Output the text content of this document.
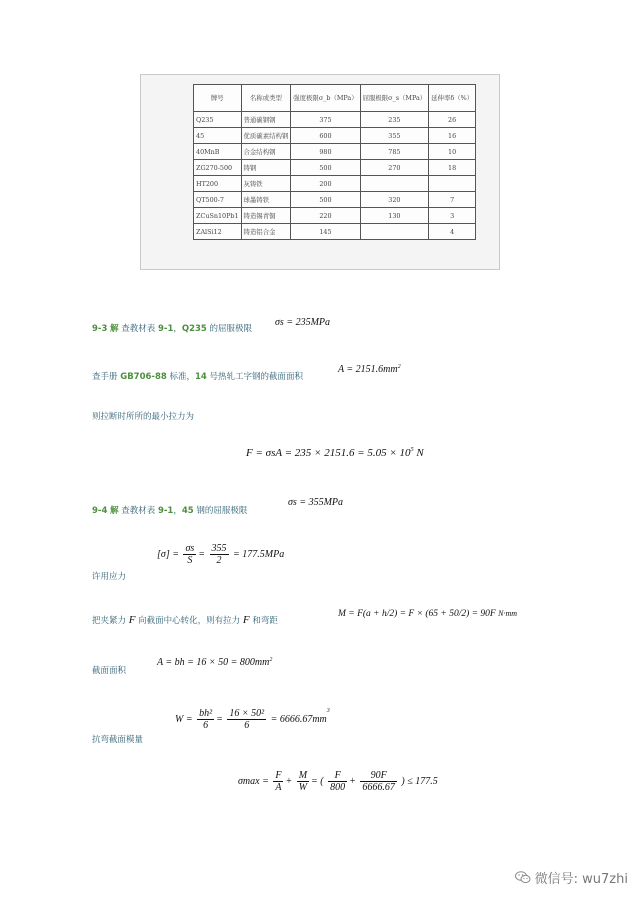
牌号	名称或类型	强度极限σ_b（MPa）	屈服极限σ_s（MPa）	延伸率δ（%）
Q235	普通碳钢钢	375	235	26
45	优质碳素结构钢	600	355	16
40MnB	合金结构钢	980	785	10
ZG270-500	铸钢	500	270	18
HT200	灰铸铁	200		
QT500-7	球墨铸铁	500	320	7
ZCuSn10Pb1	铸造锡青铜	220	130	3
ZAlSi12	铸造铝合金	145		4
9-3 解 查教材表 9-1，Q235 的屈服极限
σs = 235MPa
查手册 GB706-88 标准，14 号热轧工字钢的截面面积
$A = 2151.6mm^2$
则拉断时所所的最小拉力为
$F = \sigma sA = 235 \times 2151.6 = 5.05 \times 10^5$ N
9-4 解 查教材表 9-1，45 钢的屈服极限
σs = 355MPa
$[\sigma] = \frac{\sigma s}{S} = \frac{355}{2} = 177.5MPa$
许用应力
把夹紧力 F 向截面中心转化，则有拉力 F 和弯距
M = F(a + h/2) = F × (65 + 50/2) = 90F N·mm
截面面积
A = bh = $16 \times 50 = 800mm^2$
$W = \frac{\text{bh²}}{6} = \frac{\text{16 × 50²}}{6} = 6666.67mm^3$
抗弯截面模量
$\sigma\max = \frac{F}{A} + \frac{M}{W}$ = ( $\frac{F}{800} + \frac{90F}{6666.67}$ ) ≤ 177.5
微信号: wu7zhi
